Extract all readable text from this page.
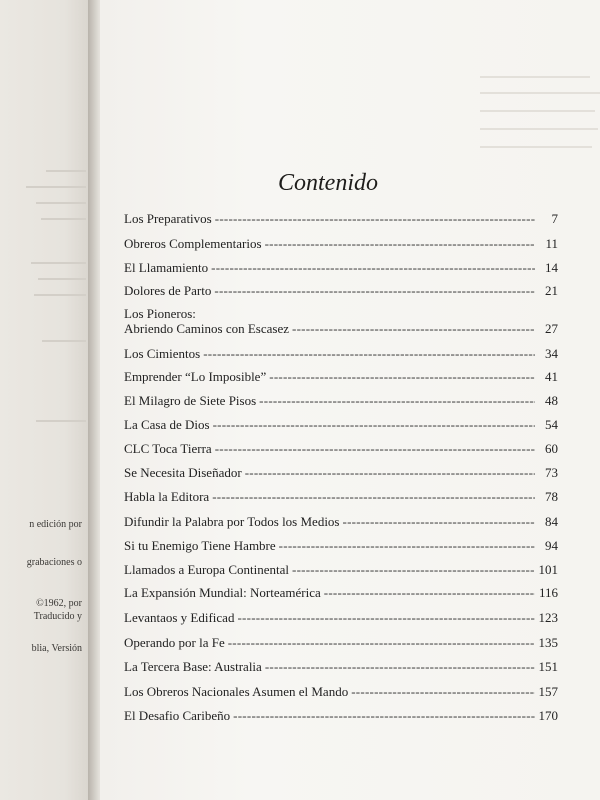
n edición por
grabaciones o
©1962, por
Traducido y
blia, Versión
Contenido
Los Preparativos - - -	7
Obreros Complementarios - - -	11
El Llamamiento - - -	14
Dolores de Parto - - -	21
Los Pioneros:
Abriendo Caminos con Escasez - - -	27
Los Cimientos - - -	34
Emprender “Lo Imposible” - - -	41
El Milagro de Siete Pisos - - -	48
La Casa de Dios - - -	54
CLC Toca Tierra - - -	60
Se Necesita Diseñador - - -	73
Habla la Editora - - -	78
Difundir la Palabra por Todos los Medios - - -	84
Si tu Enemigo Tiene Hambre - - -	94
Llamados a Europa Continental - - -	101
La Expansión Mundial: Norteamérica - - -	116
Levantaos y Edificad - - -	123
Operando por la Fe - - -	135
La Tercera Base: Australia - - -	151
Los Obreros Nacionales Asumen el Mando - - -	157
El Desafio Caribeño - - -	170
